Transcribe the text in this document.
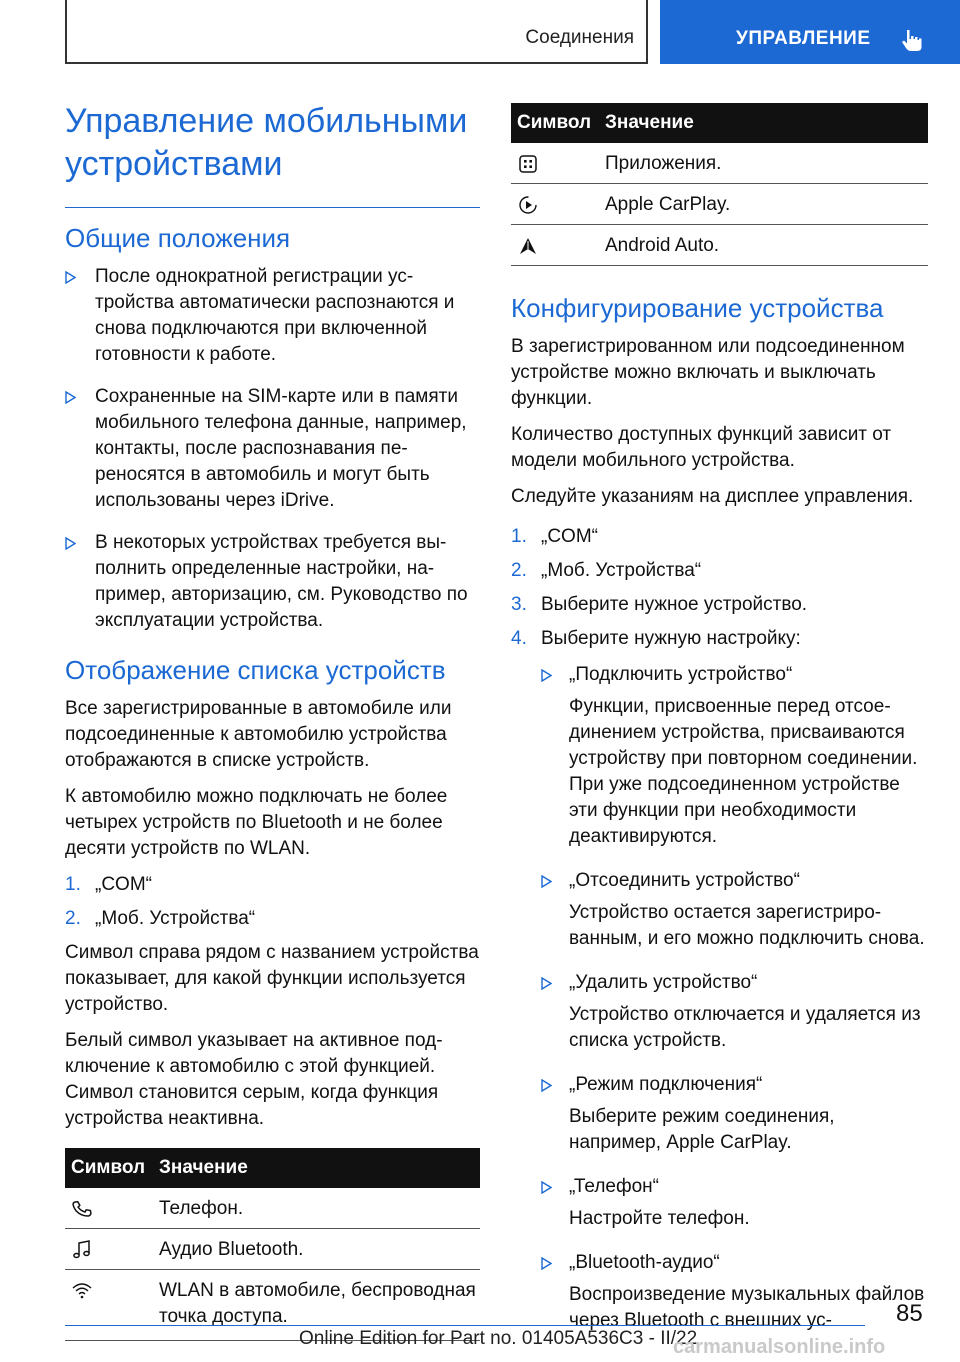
Соединения	УПРАВЛЕНИЕ
Управление мобильными
устройствами
Общие положения
После однократной регистрации устройства автоматически распознаются и снова подключаются при включенной готовности к работе.
Сохраненные на SIM-карте или в памяти мобильного телефона данные, например, контакты, после распознавания переносятся в автомобиль и могут быть использованы через iDrive.
В некоторых устройствах требуется выполнить определенные настройки, например, авторизацию, см. Руководство по эксплуатации устройства.
Отображение списка устройств

Все зарегистрированные в автомобиле или подсоединенные к автомобилю устройства отображаются в списке устройств.

К автомобилю можно подключать не более четырех устройств по Bluetooth и не более десяти устройств по WLAN.

1. „COM“
2. „Моб. Устройства“

Символ справа рядом с названием устройства показывает, для какой функции используется устройство.

Белый символ указывает на активное подключение к автомобилю с этой функцией. Символ становится серым, когда функция устройства неактивна.

Символ	Значение

	Телефон.

	Аудио Bluetooth.

	WLAN в автомобиле, беспроводная точка доступа.
Символ	Значение

	Приложения.

	Apple CarPlay.

	Android Auto.
Конфигурирование устройства

В зарегистрированном или подсоединенном устройстве можно включать и выключать функции.

Количество доступных функций зависит от модели мобильного устройства.

Следуйте указаниям на дисплее управления.

1. „COM“
2. „Моб. Устройства“
3. Выберите нужное устройство.
4. Выберите нужную настройку:
„Подключить устройство“
Функции, присвоенные перед отсоединением устройства, присваиваются устройству при повторном соединении. При уже подсоединенном устройстве эти функции при необходимости деактивируются.
„Отсоединить устройство“
Устройство остается зарегистрированным, и его можно подключить снова.
„Удалить устройство“
Устройство отключается и удаляется из списка устройств.
„Режим подключения“
Выберите режим соединения, например, Apple CarPlay.
„Телефон“
Настройте телефон.
„Bluetooth-аудио“
Воспроизведение музыкальных файлов через Bluetooth с внешних ус-	85
Online Edition for Part no. 01405A536C3 - II/22
carmanualsonline.info
